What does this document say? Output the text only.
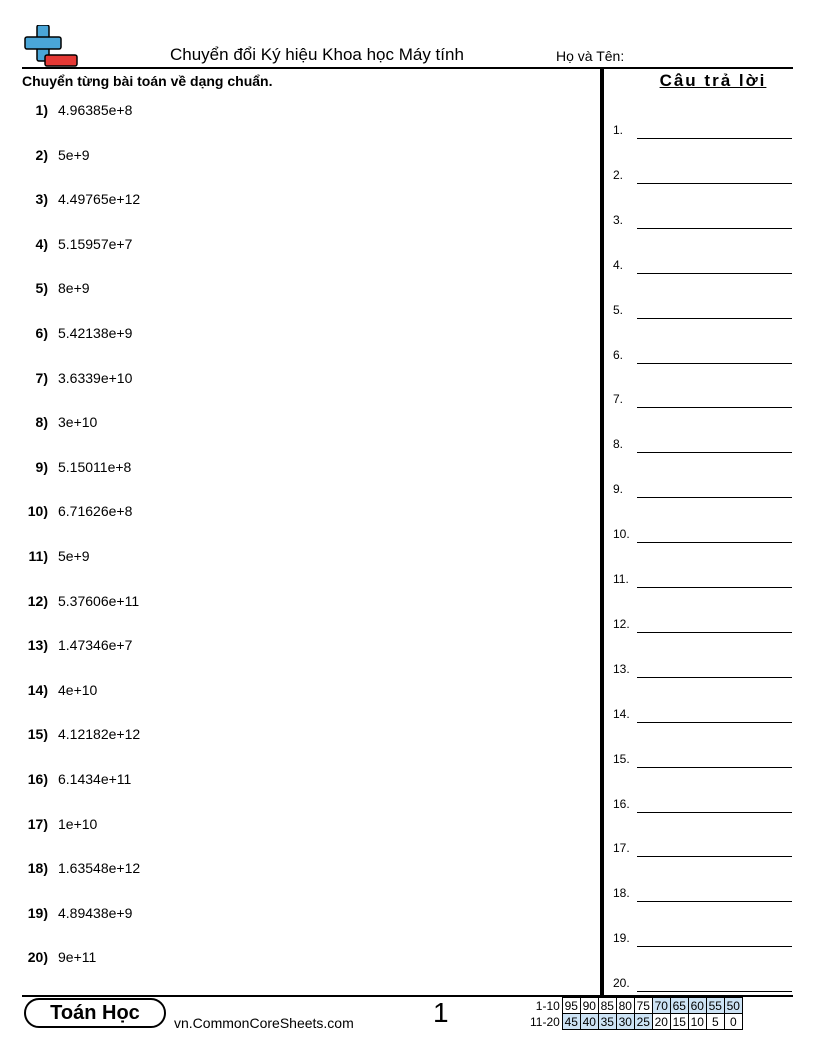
Chuyển đổi Ký hiệu Khoa học Máy tính	Họ và Tên:
Chuyển từng bài toán về dạng chuẩn.
1) 4.96385e+8
2) 5e+9
3) 4.49765e+12
4) 5.15957e+7
5) 8e+9
6) 5.42138e+9
7) 3.6339e+10
8) 3e+10
9) 5.15011e+8
10) 6.71626e+8
11) 5e+9
12) 5.37606e+11
13) 1.47346e+7
14) 4e+10
15) 4.12182e+12
16) 6.1434e+11
17) 1e+10
18) 1.63548e+12
19) 4.89438e+9
20) 9e+11
Câu trả lời
1.
2.
3.
4.
5.
6.
7.
8.
9.
10.
11.
12.
13.
14.
15.
16.
17.
18.
19.
20.
Toán Học	vn.CommonCoreSheets.com	1	1-10	95	90	85	80	75	70	65	60	55	50
11-20	45	40	35	30	25	20	15	10	5	0
